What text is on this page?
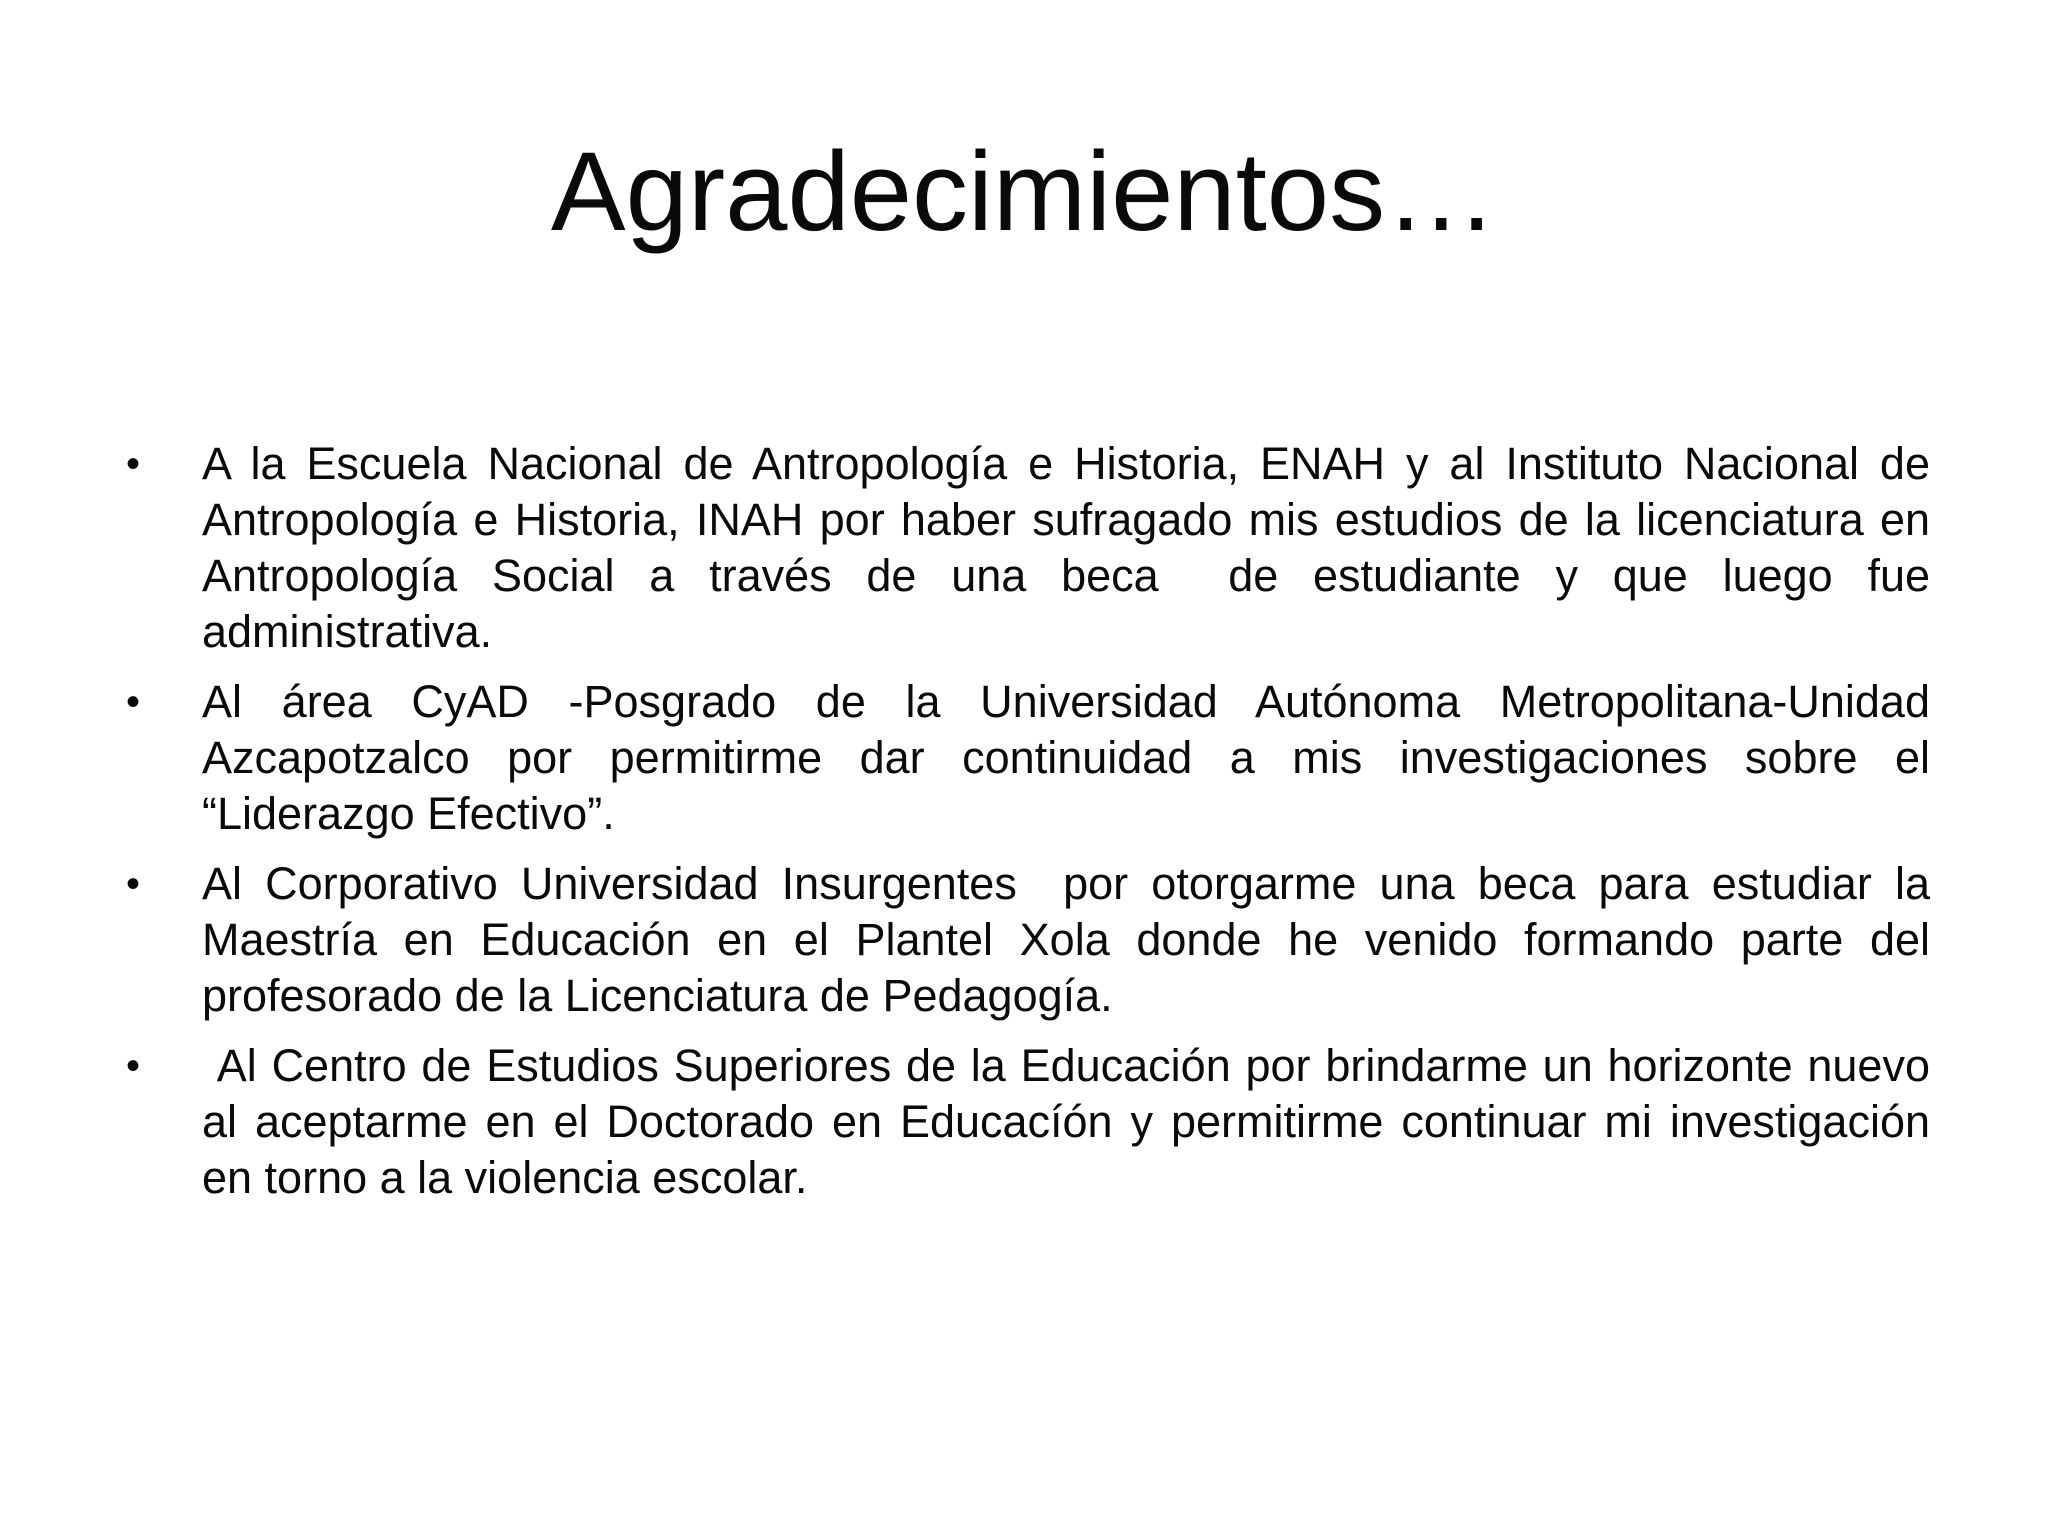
Agradecimientos…
• A la Escuela Nacional de Antropología e Historia, ENAH y al Instituto Nacional de Antropología e Historia, INAH por haber sufragado mis estudios de la licenciatura en Antropología Social a través de una beca  de estudiante y que luego fue administrativa.
• Al área CyAD -Posgrado de la Universidad Autónoma Metropolitana-Unidad Azcapotzalco por permitirme dar continuidad a mis investigaciones sobre el “Liderazgo Efectivo”.
• Al Corporativo Universidad Insurgentes  por otorgarme una beca para estudiar la Maestría en Educación en el Plantel Xola donde he venido formando parte del profesorado de la Licenciatura de Pedagogía.
• Al Centro de Estudios Superiores de la Educación por brindarme un horizonte nuevo al aceptarme en el Doctorado en Educacíón y permitirme continuar mi investigación en torno a la violencia escolar.
